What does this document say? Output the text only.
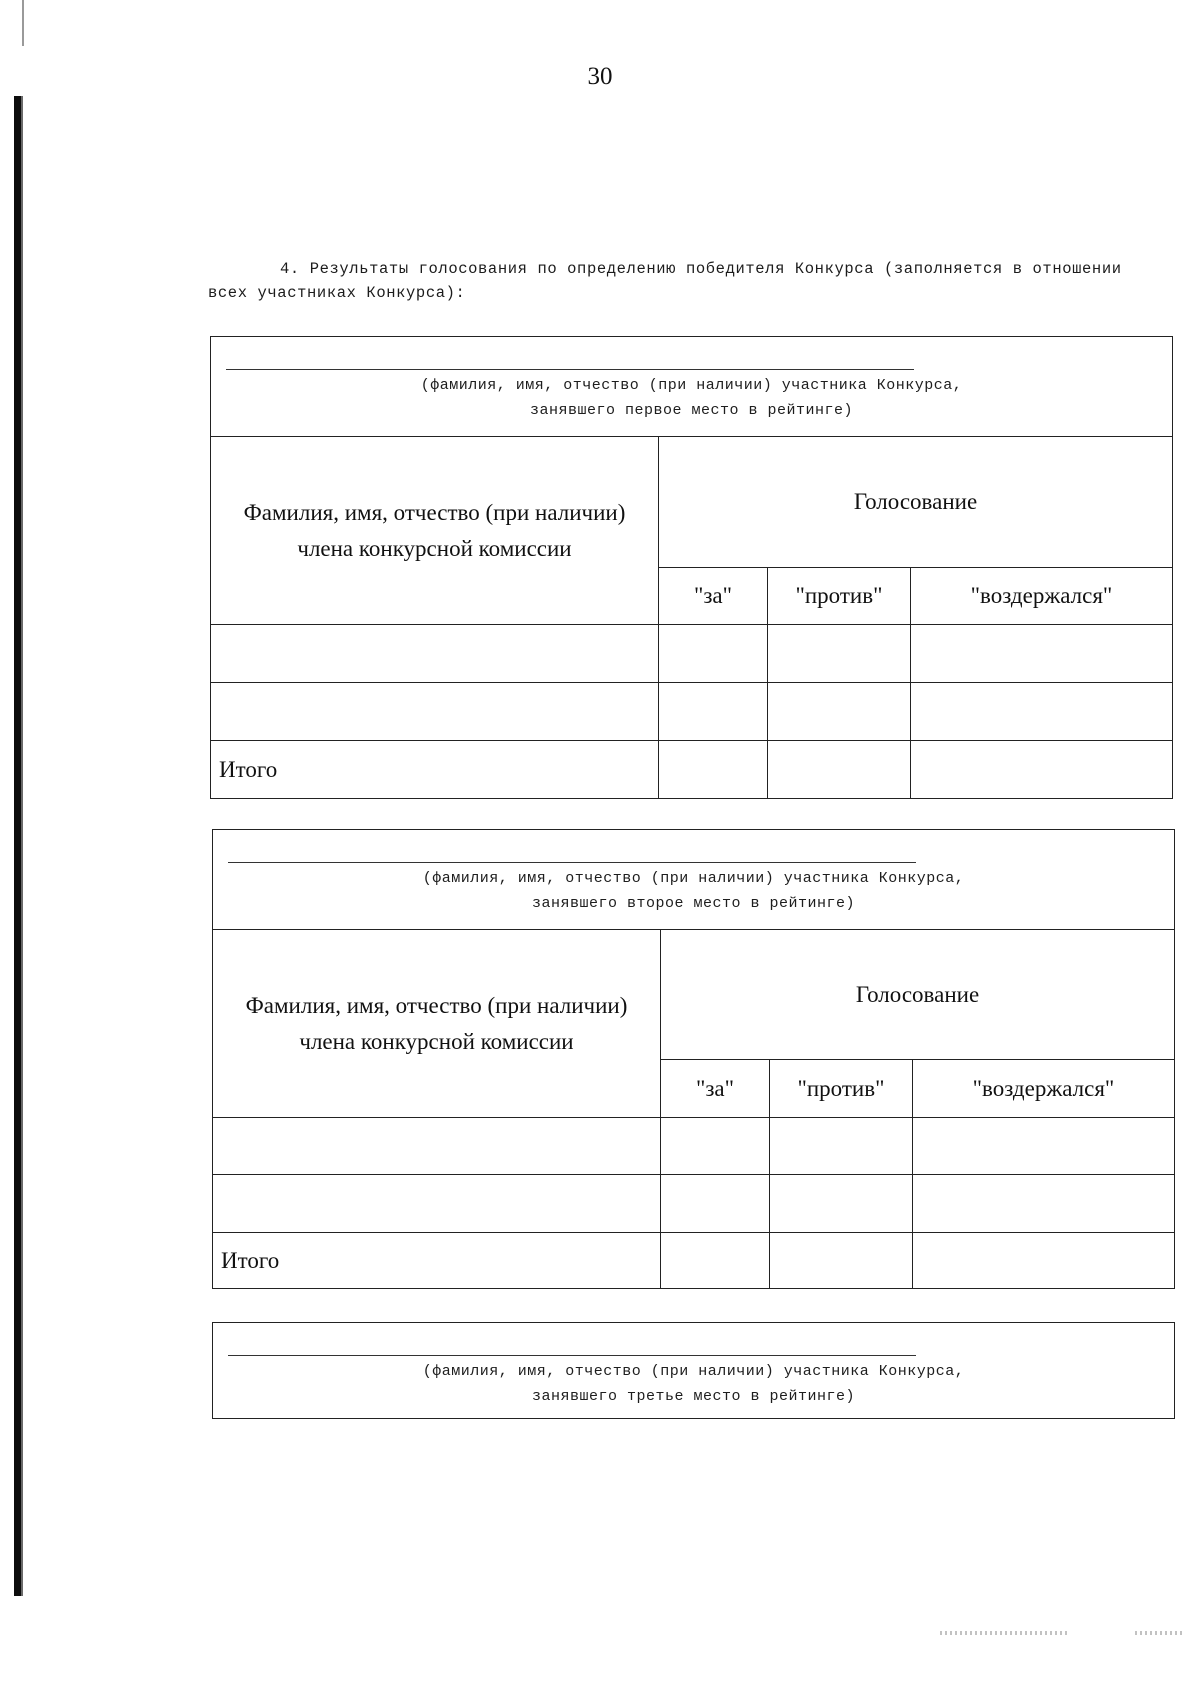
30
4. Результаты голосования по определению победителя Конкурса (заполняется в отношении всех участниках Конкурса):
(фамилия, имя, отчество (при наличии) участника Конкурса,
занявшего первое место в рейтинге)			

Фамилия, имя, отчество (при наличии) члена конкурсной комиссии	Голосование		
	"за"	"против"	"воздержался"

Итого			
(фамилия, имя, отчество (при наличии) участника Конкурса,
занявшего второе место в рейтинге)			

Фамилия, имя, отчество (при наличии) члена конкурсной комиссии	Голосование		
	"за"	"против"	"воздержался"

Итого			
(фамилия, имя, отчество (при наличии) участника Конкурса,
занявшего третье место в рейтинге)
